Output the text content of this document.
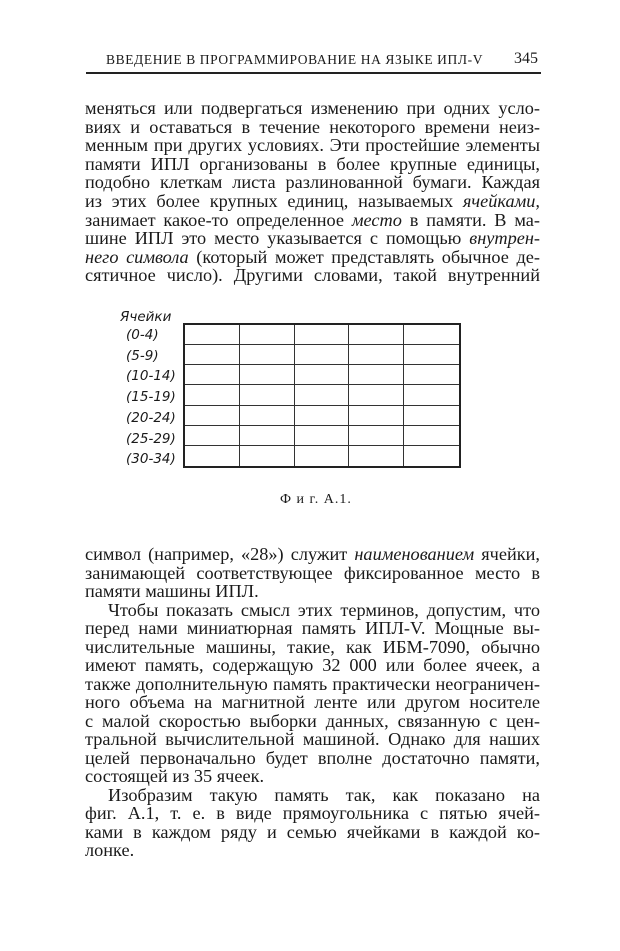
ВВЕДЕНИЕ В ПРОГРАММИРОВАНИЕ НА ЯЗЫКЕ ИПЛ-V 345
меняться или подвергаться изменению при одних усло-
виях и оставаться в течение некоторого времени неиз-
менным при других условиях. Эти простейшие элементы
памяти ИПЛ организованы в более крупные единицы,
подобно клеткам листа разлинованной бумаги. Каждая
из этих более крупных единиц, называемых ячейками,
занимает какое-то определенное место в памяти. В ма-
шине ИПЛ это место указывается с помощью внутрен-
него символа (который может представлять обычное де-
сятичное число). Другими словами, такой внутренний
Ячейки
(0-4)
(5-9)
(10-14)
(15-19)
(20-24)
(25-29)
(30-34)
Ф и г. А.1.
символ (например, «28») служит наименованием ячейки,
занимающей соответствующее фиксированное место в
памяти машины ИПЛ.
Чтобы показать смысл этих терминов, допустим, что
перед нами миниатюрная память ИПЛ-V. Мощные вы-
числительные машины, такие, как ИБМ-7090, обычно
имеют память, содержащую 32 000 или более ячеек, а
также дополнительную память практически неограничен-
ного объема на магнитной ленте или другом носителе
с малой скоростью выборки данных, связанную с цен-
тральной вычислительной машиной. Однако для наших
целей первоначально будет вполне достаточно памяти,
состоящей из 35 ячеек.
Изобразим такую память так, как показано на
фиг. А.1, т. е. в виде прямоугольника с пятью ячей-
ками в каждом ряду и семью ячейками в каждой ко-
лонке.
